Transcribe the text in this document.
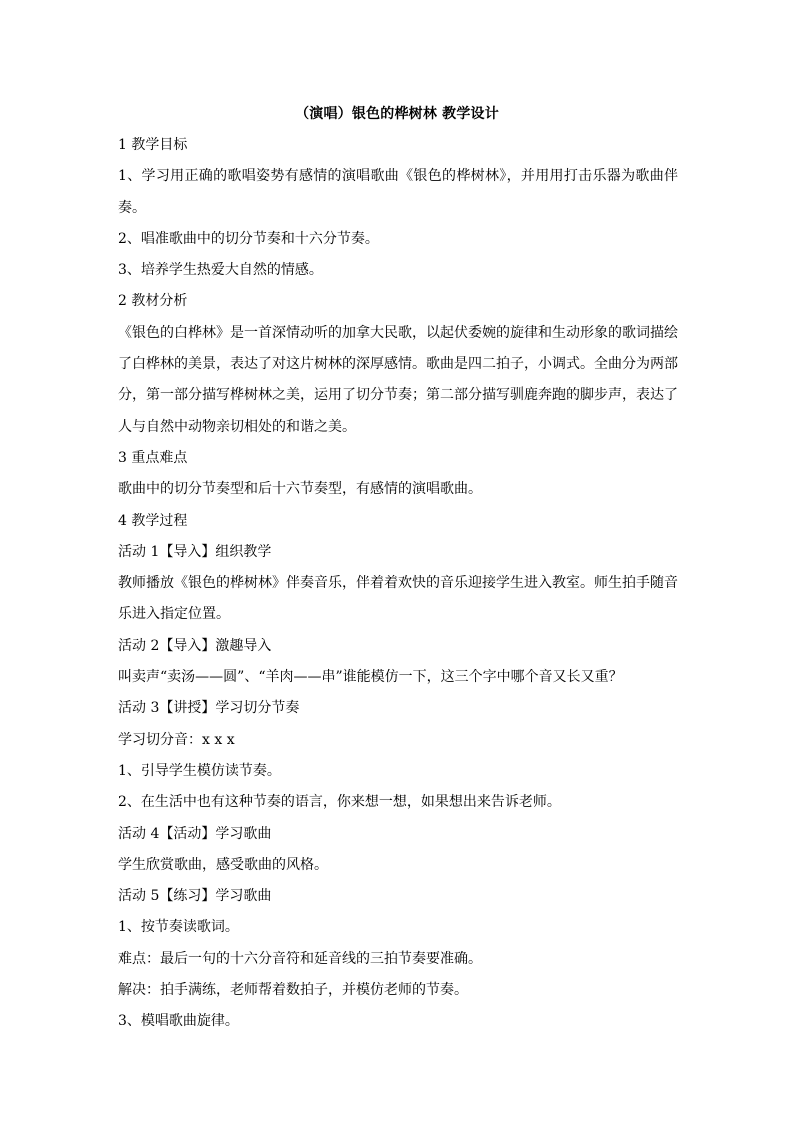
（演唱）银色的桦树林 教学设计
1 教学目标
1、学习用正确的歌唱姿势有感情的演唱歌曲《银色的桦树林》，并用用打击乐器为歌曲伴
奏。
2、唱准歌曲中的切分节奏和十六分节奏。
3、培养学生热爱大自然的情感。
2 教材分析
《银色的白桦林》是一首深情动听的加拿大民歌，以起伏委婉的旋律和生动形象的歌词描绘
了白桦林的美景，表达了对这片树林的深厚感情。歌曲是四二拍子，小调式。全曲分为两部
分，第一部分描写桦树林之美，运用了切分节奏；第二部分描写驯鹿奔跑的脚步声，表达了
人与自然中动物亲切相处的和谐之美。
3 重点难点
歌曲中的切分节奏型和后十六节奏型，有感情的演唱歌曲。
4 教学过程
活动 1【导入】组织教学
教师播放《银色的桦树林》伴奏音乐，伴着着欢快的音乐迎接学生进入教室。师生拍手随音
乐进入指定位置。
活动 2【导入】激趣导入
叫卖声“卖汤——圆”、“羊肉——串”谁能模仿一下，这三个字中哪个音又长又重？
活动 3【讲授】学习切分节奏
学习切分音：x x x
1、引导学生模仿读节奏。
2、在生活中也有这种节奏的语言，你来想一想，如果想出来告诉老师。
活动 4【活动】学习歌曲
学生欣赏歌曲，感受歌曲的风格。
活动 5【练习】学习歌曲
1、按节奏读歌词。
难点：最后一句的十六分音符和延音线的三拍节奏要准确。
解决：拍手满练，老师帮着数拍子，并模仿老师的节奏。
3、模唱歌曲旋律。
